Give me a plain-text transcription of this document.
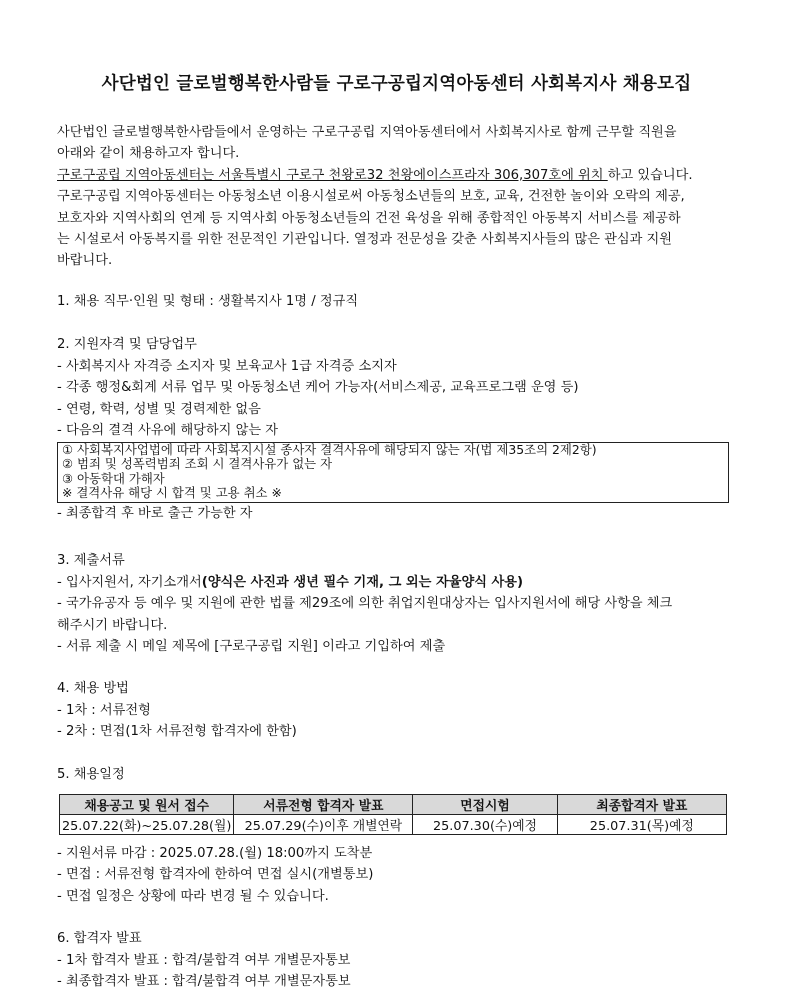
사단법인 글로벌행복한사람들 구로구공립지역아동센터 사회복지사 채용모집
사단법인 글로벌행복한사람들에서 운영하는 구로구공립 지역아동센터에서 사회복지사로 함께 근무할 직원을
아래와 같이 채용하고자 합니다.
구로구공립 지역아동센터는 서울특별시 구로구 천왕로32 천왕에이스프라자 306,307호에 위치 하고 있습니다.
구로구공립 지역아동센터는 아동청소년 이용시설로써 아동청소년들의 보호, 교육, 건전한 놀이와 오락의 제공,
보호자와 지역사회의 연계 등 지역사회 아동청소년들의 건전 육성을 위해 종합적인 아동복지 서비스를 제공하
는 시설로서 아동복지를 위한 전문적인 기관입니다. 열정과 전문성을 갖춘 사회복지사들의 많은 관심과 지원
바랍니다.
1. 채용 직무·인원 및 형태 : 생활복지사 1명 / 정규직
2. 지원자격 및 담당업무
- 사회복지사 자격증 소지자 및 보육교사 1급 자격증 소지자
- 각종 행정&회계 서류 업무 및 아동청소년 케어 가능자(서비스제공, 교육프로그램 운영 등)
- 연령, 학력, 성별 및 경력제한 없음
- 다음의 결격 사유에 해당하지 않는 자
① 사회복지사업법에 따라 사회복지시설 종사자 결격사유에 해당되지 않는 자(법 제35조의 2제2항)
② 범죄 및 성폭력범죄 조회 시 결격사유가 없는 자
③ 아동학대 가해자
※ 결격사유 해당 시 합격 및 고용 취소 ※
- 최종합격 후 바로 출근 가능한 자
3. 제출서류
- 입사지원서, 자기소개서(양식은 사진과 생년 필수 기재, 그 외는 자율양식 사용)
- 국가유공자 등 예우 및 지원에 관한 법률 제29조에 의한 취업지원대상자는 입사지원서에 해당 사항을 체크
해주시기 바랍니다.
- 서류 제출 시 메일 제목에 [구로구공립 지원] 이라고 기입하여 제출
4. 채용 방법
- 1차 : 서류전형
- 2차 : 면접(1차 서류전형 합격자에 한함)
5. 채용일정
채용공고 및 원서 접수	서류전형 합격자 발표	면접시험	최종합격자 발표
25.07.22(화)~25.07.28(월)	25.07.29(수)이후 개별연락	25.07.30(수)예정	25.07.31(목)예정
- 지원서류 마감 : 2025.07.28.(월) 18:00까지 도착분
- 면접 : 서류전형 합격자에 한하여 면접 실시(개별통보)
- 면접 일정은 상황에 따라 변경 될 수 있습니다.
6. 합격자 발표
- 1차 합격자 발표 : 합격/불합격 여부 개별문자통보
- 최종합격자 발표 : 합격/불합격 여부 개별문자통보
